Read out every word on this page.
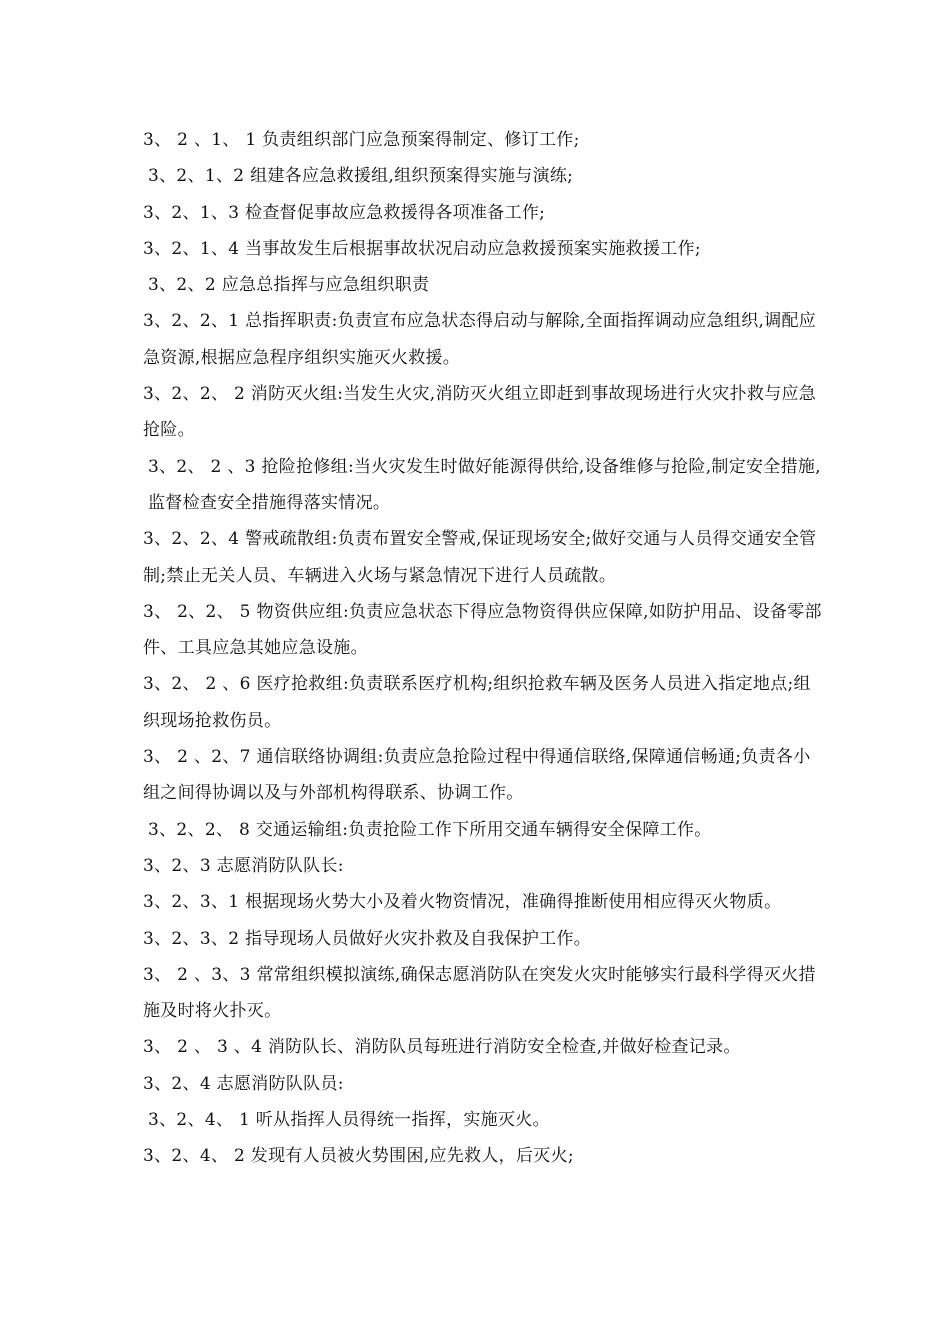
3、 2 、1、 1 负责组织部门应急预案得制定、修订工作;

3、2、1、2 组建各应急救援组,组织预案得实施与演练;

3、2、1、3 检查督促事故应急救援得各项准备工作;

3、2、1、4 当事故发生后根据事故状况启动应急救援预案实施救援工作;

3、2、2 应急总指挥与应急组织职责

3、2、2、1 总指挥职责:负责宣布应急状态得启动与解除,全面指挥调动应急组织,调配应急资源,根据应急程序组织实施灭火救援。

3、2、2、 2 消防灭火组:当发生火灾,消防灭火组立即赶到事故现场进行火灾扑救与应急抢险。

3、2、 2 、3 抢险抢修组:当火灾发生时做好能源得供给,设备维修与抢险,制定安全措施,监督检查安全措施得落实情况。

3、2、2、4 警戒疏散组:负责布置安全警戒,保证现场安全;做好交通与人员得交通安全管制;禁止无关人员、车辆进入火场与紧急情况下进行人员疏散。

3、 2、2、 5 物资供应组:负责应急状态下得应急物资得供应保障,如防护用品、设备零部件、工具应急其她应急设施。

3、2、 2 、6 医疗抢救组:负责联系医疗机构;组织抢救车辆及医务人员进入指定地点;组织现场抢救伤员。

3、 2 、2、7 通信联络协调组:负责应急抢险过程中得通信联络,保障通信畅通;负责各小组之间得协调以及与外部机构得联系、协调工作。

3、2、2、 8 交通运输组:负责抢险工作下所用交通车辆得安全保障工作。

3、2、3 志愿消防队队长:

3、2、3、1 根据现场火势大小及着火物资情况，准确得推断使用相应得灭火物质。

3、2、3、2 指导现场人员做好火灾扑救及自我保护工作。

3、 2 、3、3 常常组织模拟演练,确保志愿消防队在突发火灾时能够实行最科学得灭火措施及时将火扑灭。

3、 2 、 3 、4 消防队长、消防队员每班进行消防安全检查,并做好检查记录。

3、2、4 志愿消防队队员:

3、2、4、 1 听从指挥人员得统一指挥，实施灭火。

3、2、4、 2 发现有人员被火势围困,应先救人，后灭火;
